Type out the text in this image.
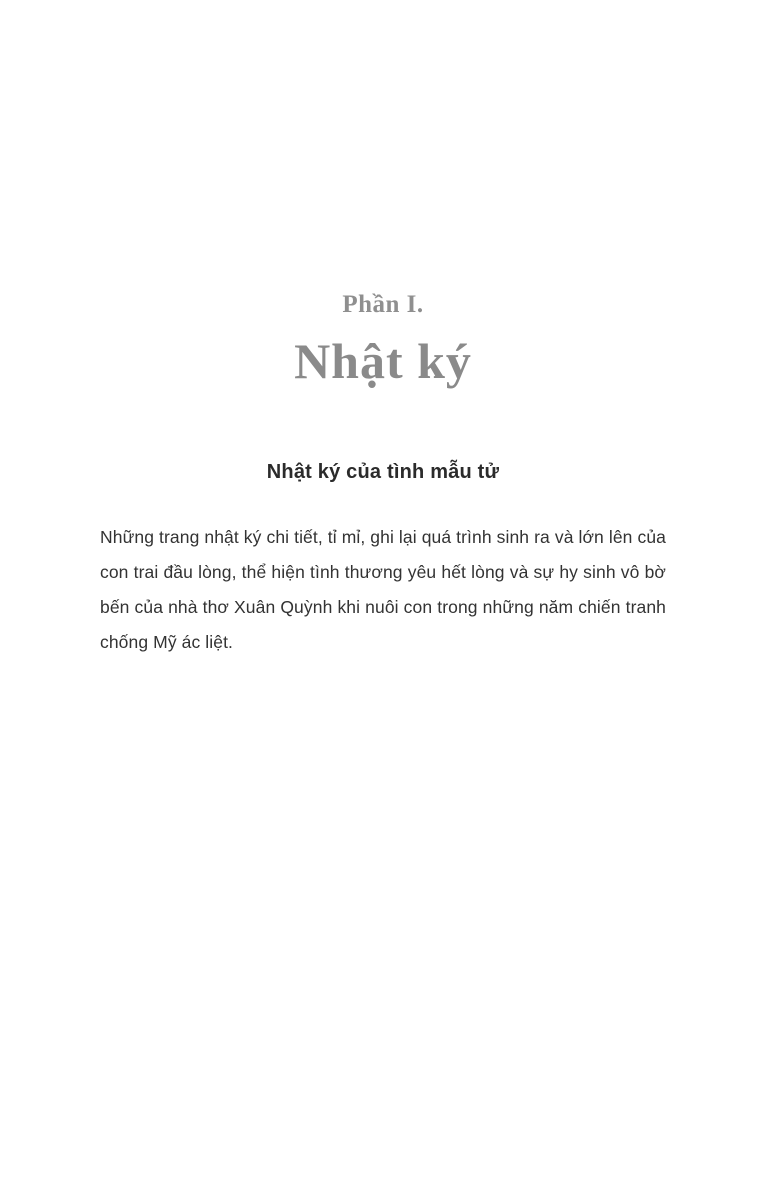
Phần I.
Nhật ký
Nhật ký của tình mẫu tử

Những trang nhật ký chi tiết, tỉ mỉ, ghi lại quá trình sinh ra và lớn lên của con trai đầu lòng, thể hiện tình thương yêu hết lòng và sự hy sinh vô bờ bến của nhà thơ Xuân Quỳnh khi nuôi con trong những năm chiến tranh chống Mỹ ác liệt.
